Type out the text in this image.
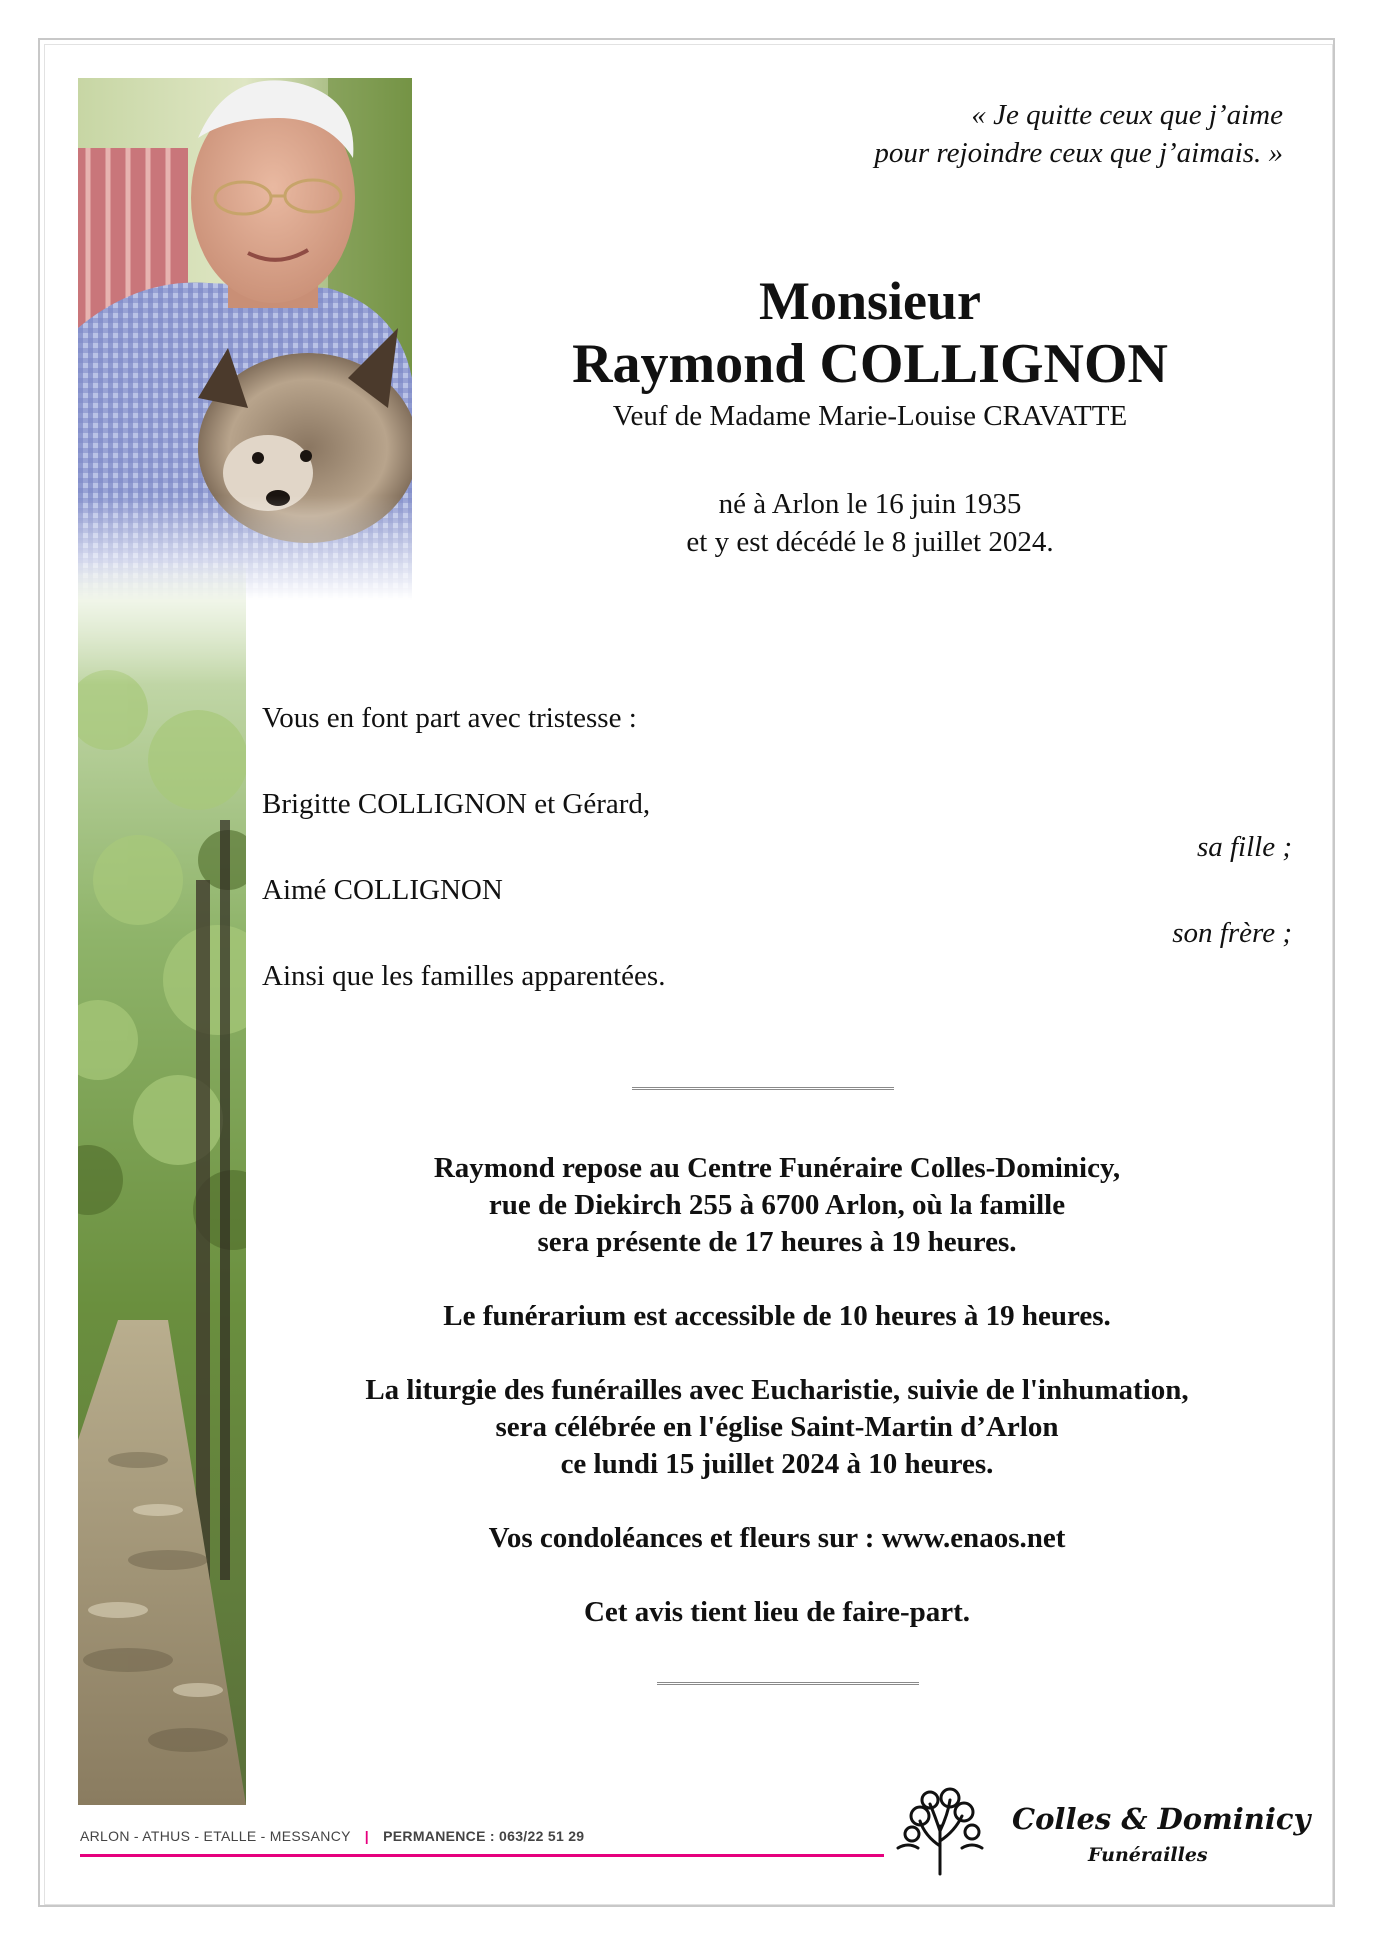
« Je quitte ceux que j’aime
pour rejoindre ceux que j’aimais. »
Monsieur
Raymond COLLIGNON
Veuf de Madame Marie-Louise CRAVATTE
né à Arlon le 16 juin 1935
et y est décédé le 8 juillet 2024.
Vous en font part avec tristesse :
Brigitte COLLIGNON et Gérard,
sa fille ;
Aimé COLLIGNON
son frère ;
Ainsi que les familles apparentées.

Raymond repose au Centre Funéraire Colles-Dominicy,
rue de Diekirch 255 à 6700 Arlon, où la famille
sera présente de 17 heures à 19 heures.

Le funérarium est accessible de 10 heures à 19 heures.

La liturgie des funérailles avec Eucharistie, suivie de l'inhumation,
sera célébrée en l'église Saint-Martin d’Arlon
ce lundi 15 juillet 2024 à 10 heures.

Vos condoléances et fleurs sur : www.enaos.net

Cet avis tient lieu de faire-part.

ARLON - ATHUS - ETALLE - MESSANCY | PERMANENCE : 063/22 51 29	Colles & Dominicy
Funérailles
